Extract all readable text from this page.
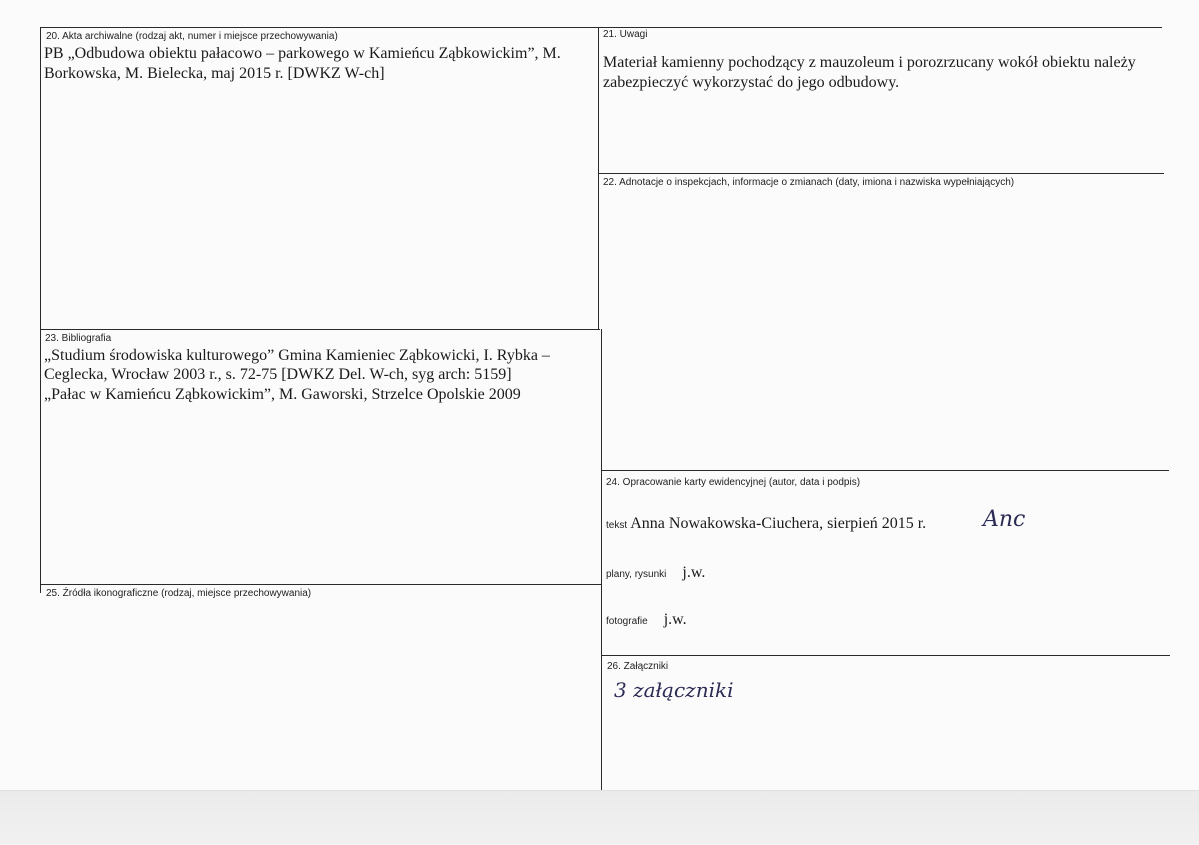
20. Akta archiwalne (rodzaj akt, numer i miejsce przechowywania)
PB „Odbudowa obiektu pałacowo – parkowego w Kamieńcu Ząbkowickim”, M. Borkowska, M. Bielecka, maj 2015 r. [DWKZ W-ch]
21. Uwagi
Materiał kamienny pochodzący z mauzoleum i porozrzucany wokół obiektu należy zabezpieczyć wykorzystać do jego odbudowy.
22. Adnotacje o inspekcjach, informacje o zmianach (daty, imiona i nazwiska wypełniających)
23. Bibliografia
„Studium środowiska kulturowego” Gmina Kamieniec Ząbkowicki, I. Rybka –
Ceglecka, Wrocław 2003 r., s. 72-75 [DWKZ Del. W-ch, syg arch: 5159]
„Pałac w Kamieńcu Ząbkowickim”, M. Gaworski, Strzelce Opolskie 2009
24. Opracowanie karty ewidencyjnej (autor, data i podpis)
tekst Anna Nowakowska-Ciuchera, sierpień 2015 r.	Anc
plany, rysunki j.w.
fotografie j.w.
25. Źródła ikonograficzne (rodzaj, miejsce przechowywania)
26. Załączniki
3 załączniki
